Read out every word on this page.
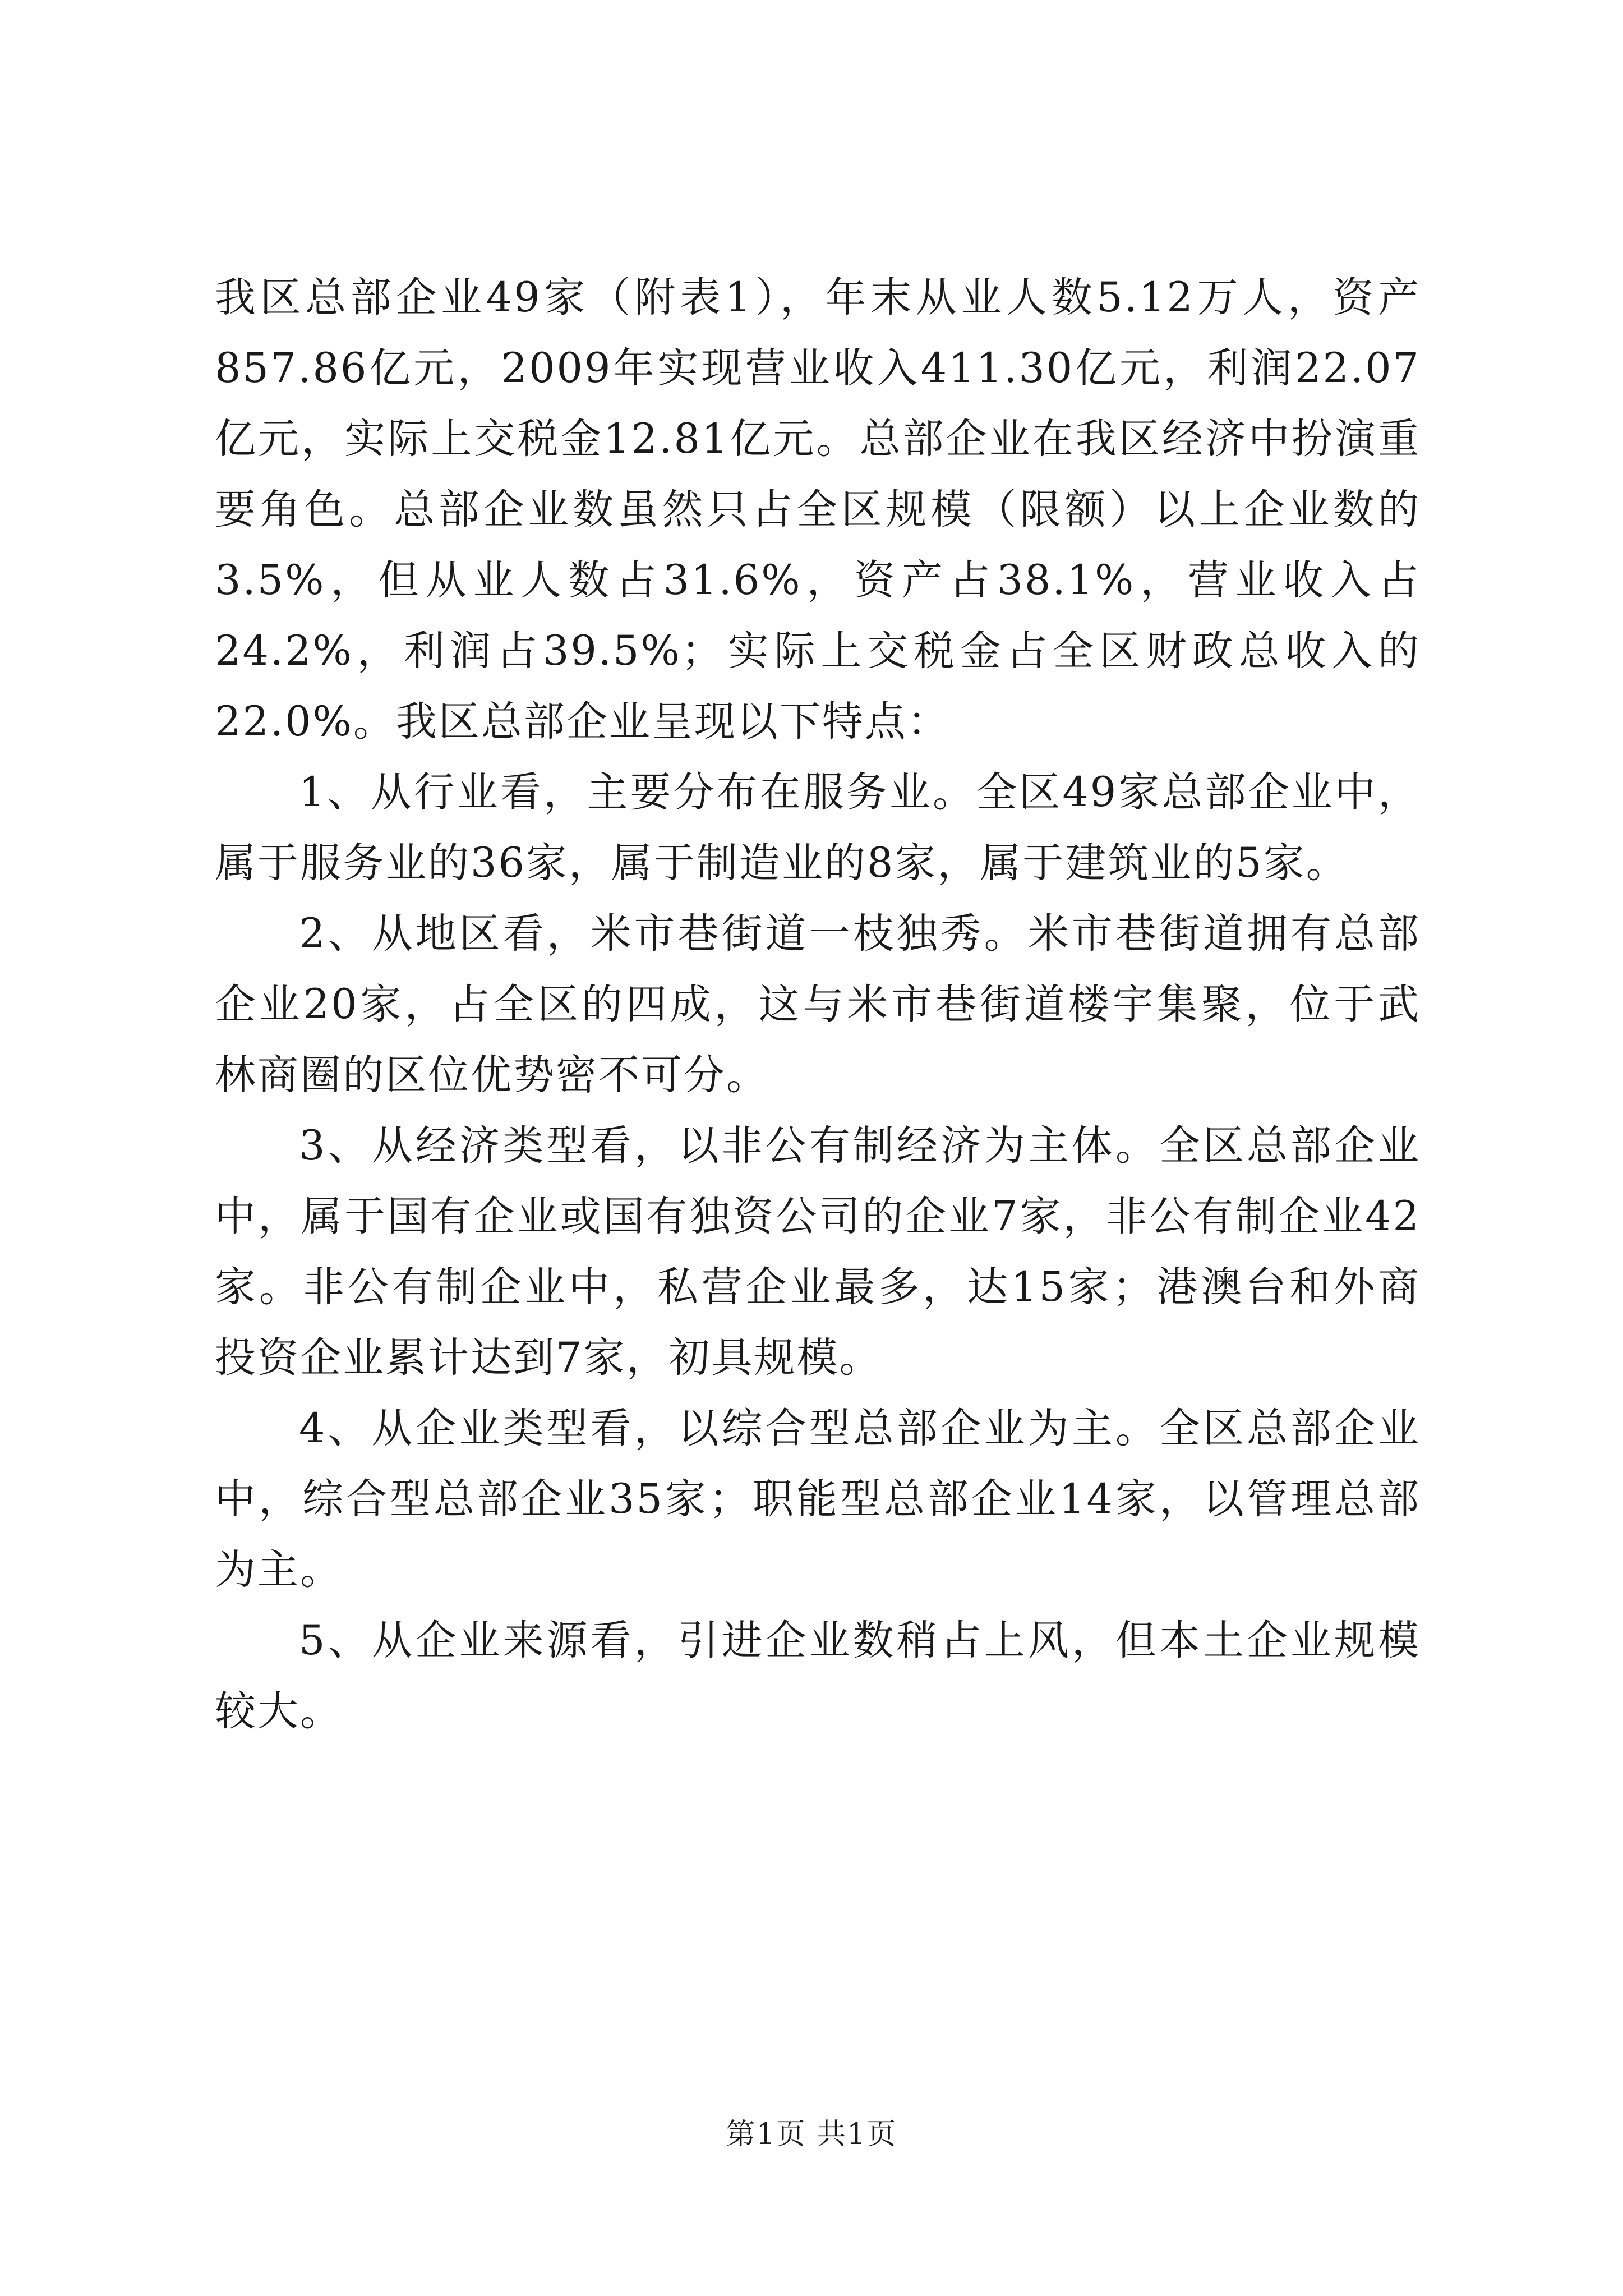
我区总部企业49家（附表1），年末从业人数5.12万人，资产857.86亿元，2009年实现营业收入411.30亿元，利润22.07亿元，实际上交税金12.81亿元。总部企业在我区经济中扮演重要角色。总部企业数虽然只占全区规模（限额）以上企业数的3.5%，但从业人数占31.6%，资产占38.1%，营业收入占24.2%，利润占39.5%；实际上交税金占全区财政总收入的22.0%。我区总部企业呈现以下特点：

1、从行业看，主要分布在服务业。全区49家总部企业中，属于服务业的36家，属于制造业的8家，属于建筑业的5家。

2、从地区看，米市巷街道一枝独秀。米市巷街道拥有总部企业20家，占全区的四成，这与米市巷街道楼宇集聚，位于武林商圈的区位优势密不可分。

3、从经济类型看，以非公有制经济为主体。全区总部企业中，属于国有企业或国有独资公司的企业7家，非公有制企业42家。非公有制企业中，私营企业最多，达15家；港澳台和外商投资企业累计达到7家，初具规模。

4、从企业类型看，以综合型总部企业为主。全区总部企业中，综合型总部企业35家；职能型总部企业14家，以管理总部为主。

5、从企业来源看，引进企业数稍占上风，但本土企业规模较大。

第1页 共1页
